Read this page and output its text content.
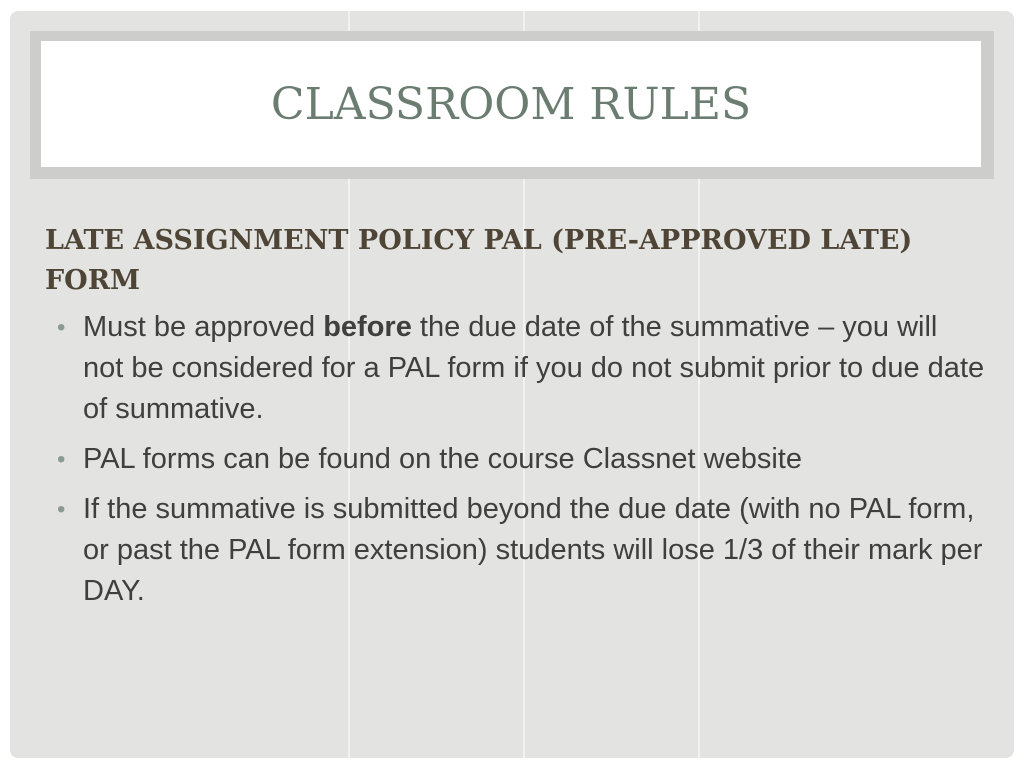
CLASSROOM RULES

LATE ASSIGNMENT POLICY PAL (PRE-APPROVED LATE) FORM

• Must be approved before the due date of the summative – you will not be considered for a PAL form if you do not submit prior to due date of summative.
• PAL forms can be found on the course Classnet website
• If the summative is submitted beyond the due date (with no PAL form, or past the PAL form extension) students will lose 1/3 of their mark per DAY.
